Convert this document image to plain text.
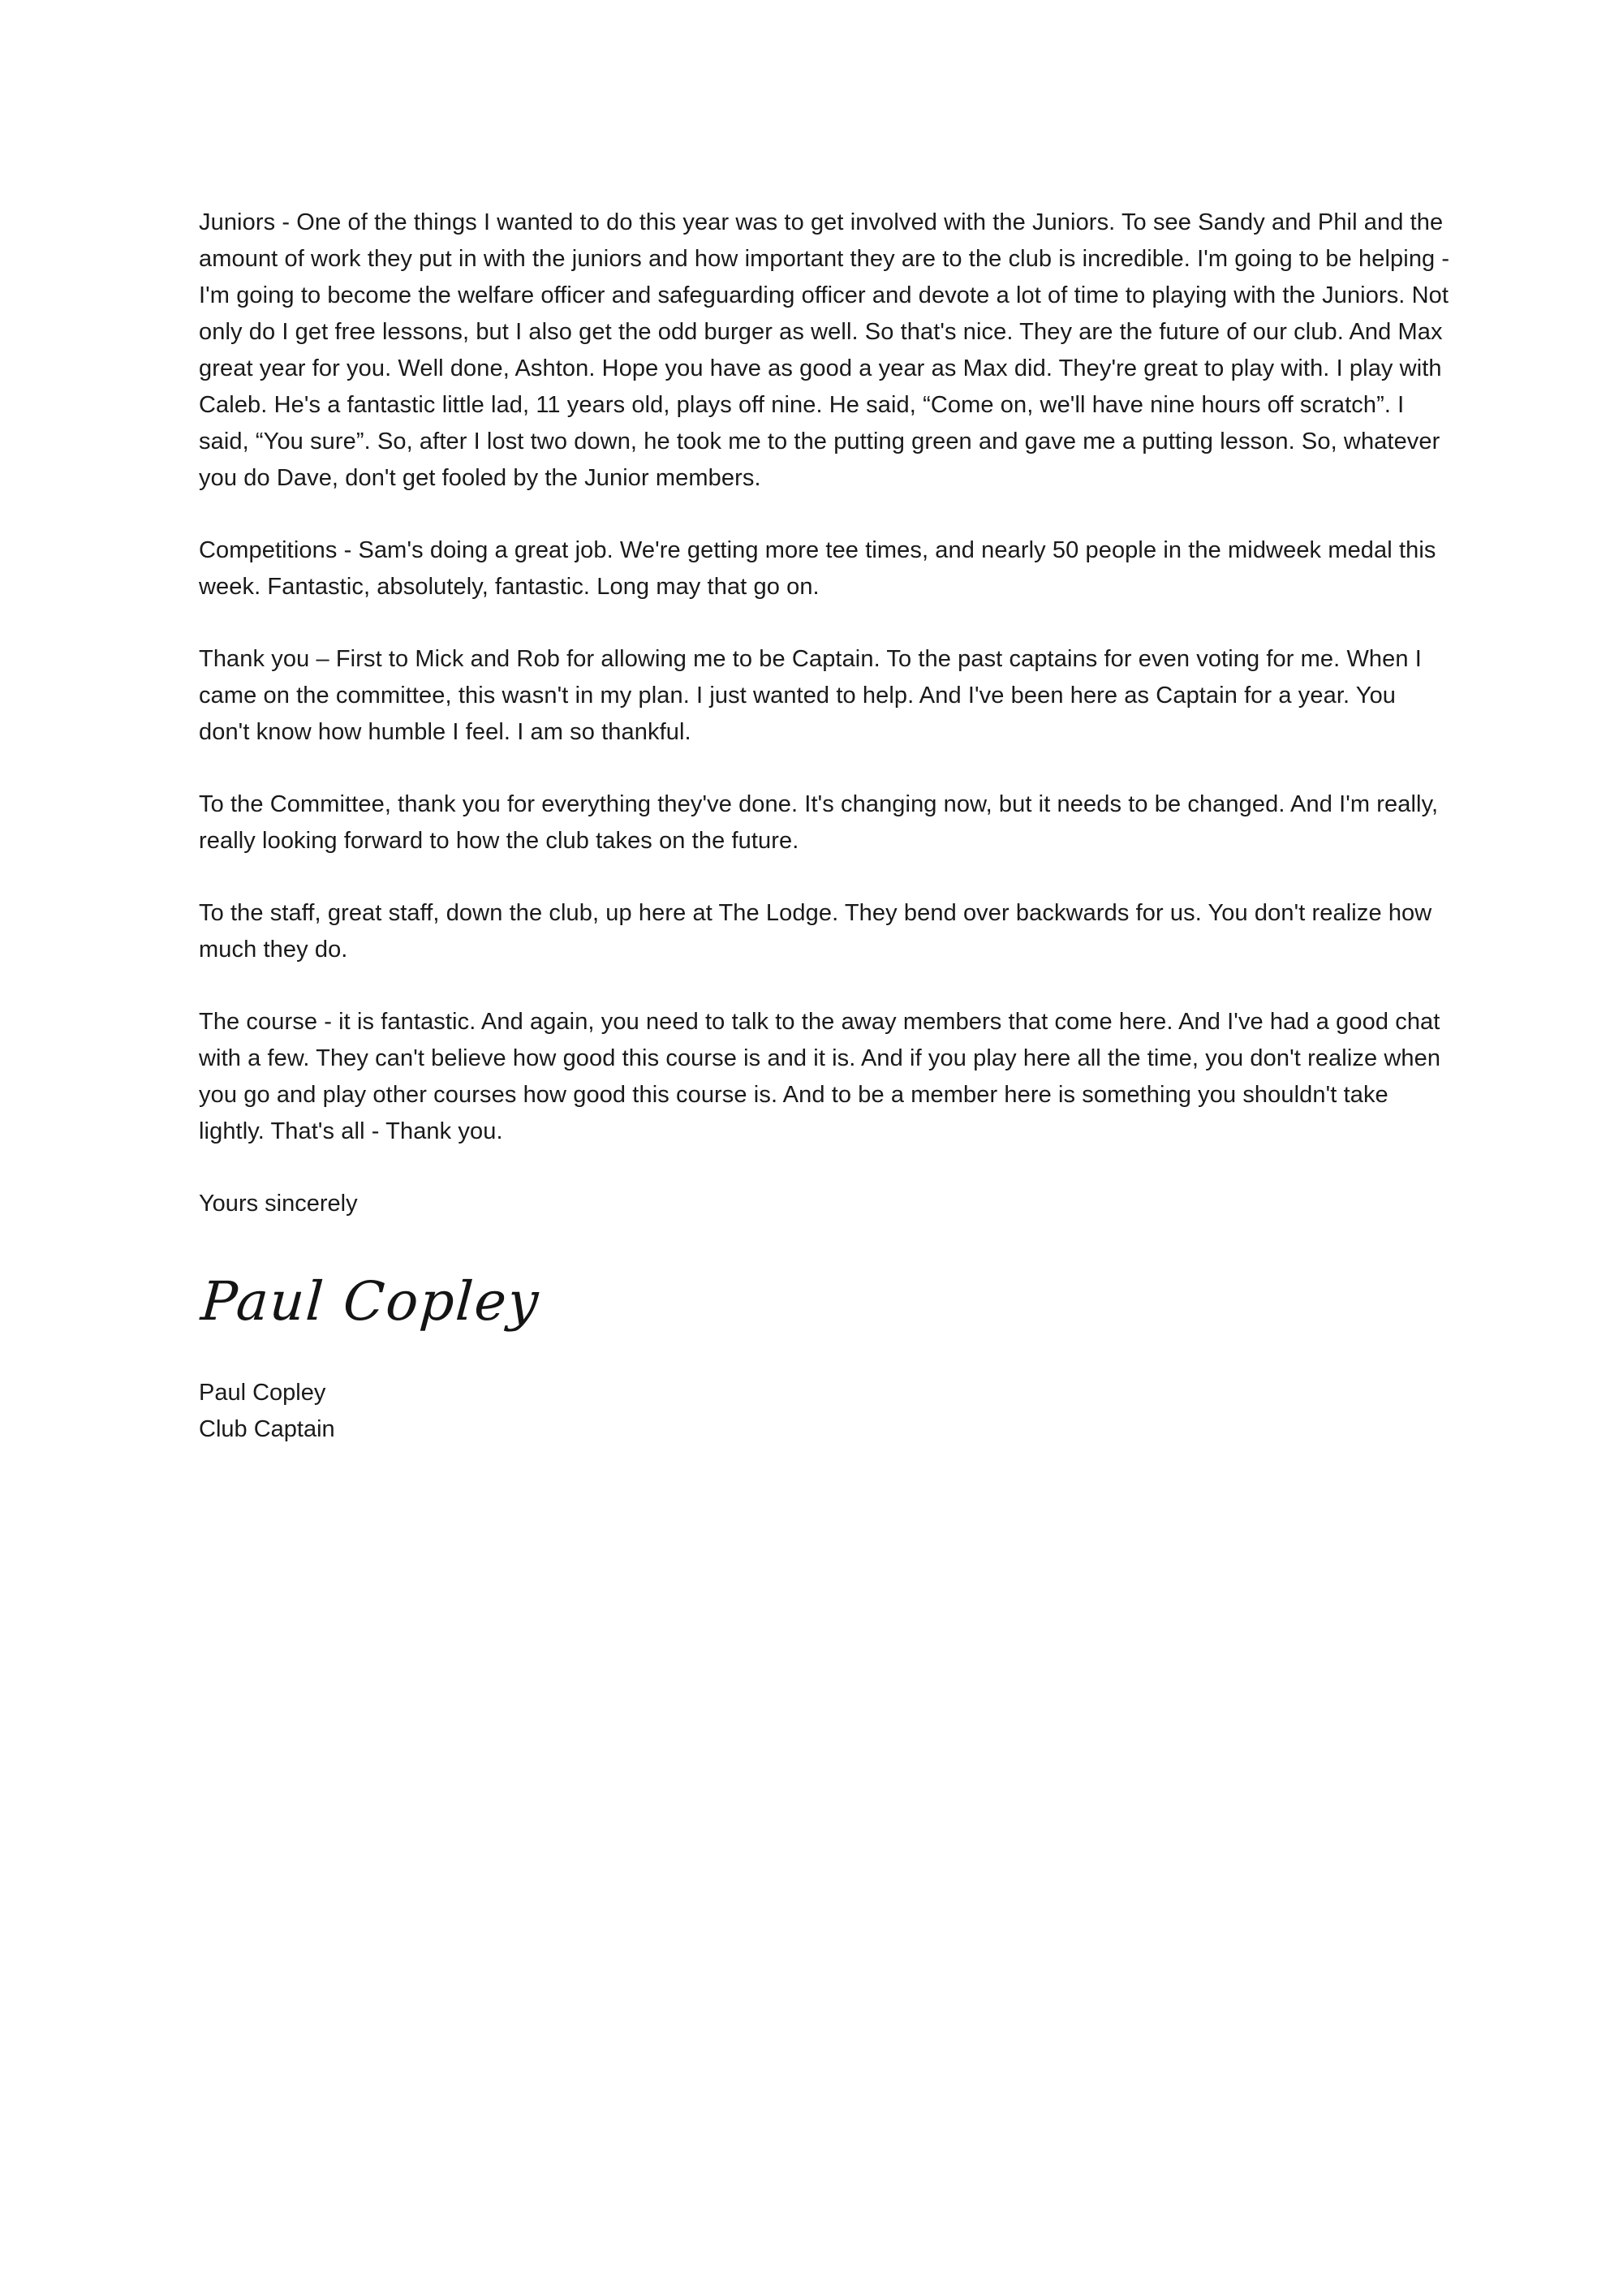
Juniors - One of the things I wanted to do this year was to get involved with the Juniors. To see Sandy and Phil and the amount of work they put in with the juniors and how important they are to the club is incredible. I'm going to be helping - I'm going to become the welfare officer and safeguarding officer and devote a lot of time to playing with the Juniors. Not only do I get free lessons, but I also get the odd burger as well. So that's nice. They are the future of our club. And Max great year for you. Well done, Ashton. Hope you have as good a year as Max did. They're great to play with. I play with Caleb. He's a fantastic little lad, 11 years old, plays off nine. He said, “Come on, we'll have nine hours off scratch”. I said, “You sure”. So, after I lost two down, he took me to the putting green and gave me a putting lesson. So, whatever you do Dave, don't get fooled by the Junior members.

Competitions - Sam's doing a great job. We're getting more tee times, and nearly 50 people in the midweek medal this week. Fantastic, absolutely, fantastic. Long may that go on.

Thank you – First to Mick and Rob for allowing me to be Captain. To the past captains for even voting for me. When I came on the committee, this wasn't in my plan. I just wanted to help. And I've been here as Captain for a year. You don't know how humble I feel. I am so thankful.

To the Committee, thank you for everything they've done. It's changing now, but it needs to be changed. And I'm really, really looking forward to how the club takes on the future.

To the staff, great staff, down the club, up here at The Lodge. They bend over backwards for us. You don't realize how much they do.

The course - it is fantastic. And again, you need to talk to the away members that come here. And I've had a good chat with a few. They can't believe how good this course is and it is. And if you play here all the time, you don't realize when you go and play other courses how good this course is. And to be a member here is something you shouldn't take lightly. That's all - Thank you.

Yours sincerely

Paul Copley
Paul Copley
Club Captain
